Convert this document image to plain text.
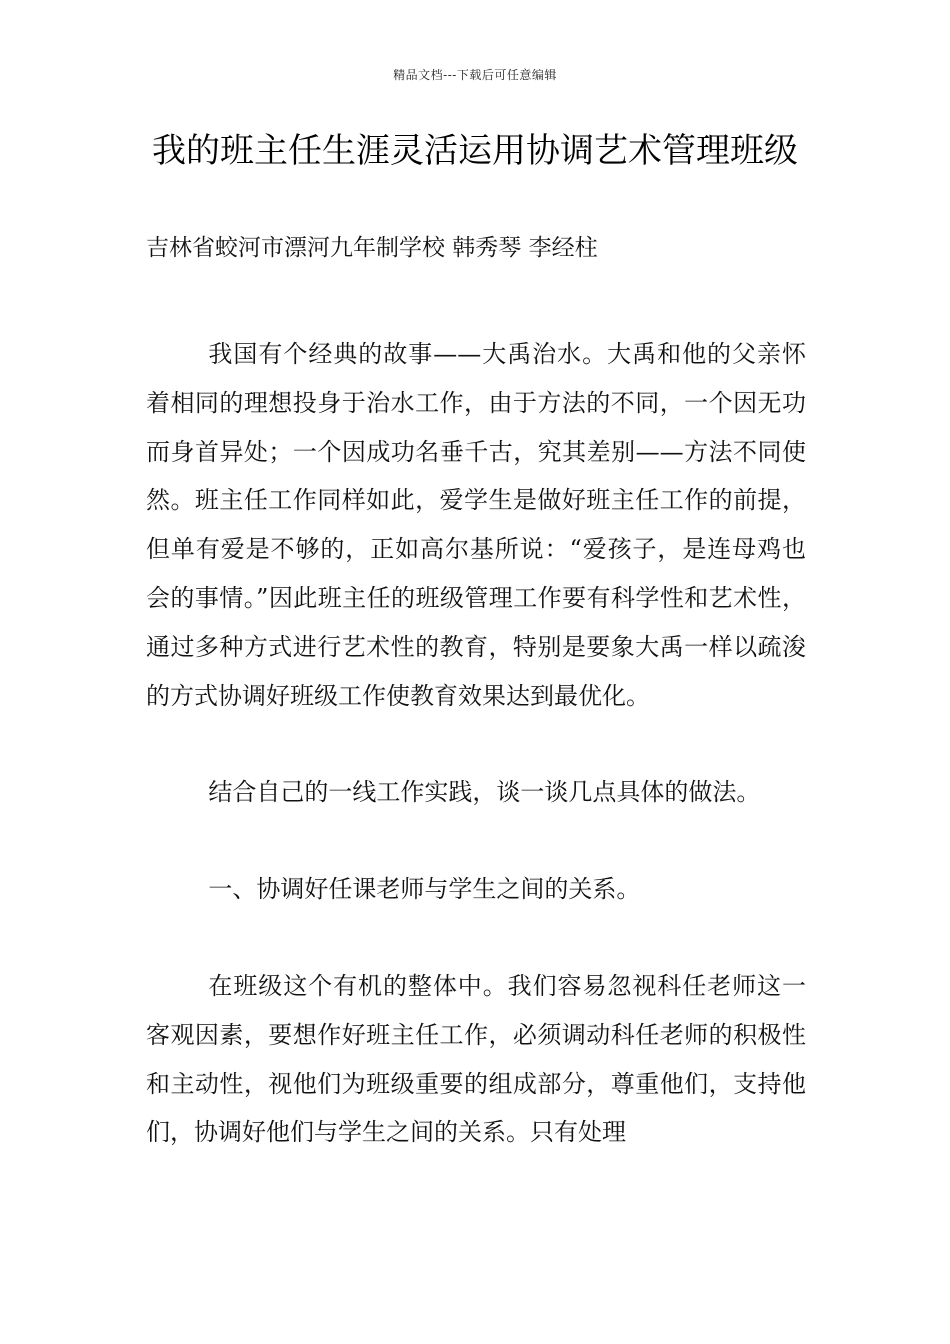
精品文档---下载后可任意编辑
我的班主任生涯灵活运用协调艺术管理班级
吉林省蛟河市漂河九年制学校 韩秀琴 李经柱

我国有个经典的故事——大禹治水。大禹和他的父亲怀着相同的理想投身于治水工作，由于方法的不同，一个因无功而身首异处；一个因成功名垂千古，究其差别——方法不同使然。班主任工作同样如此，爱学生是做好班主任工作的前提，但单有爱是不够的，正如高尔基所说：“爱孩子，是连母鸡也会的事情。”因此班主任的班级管理工作要有科学性和艺术性，通过多种方式进行艺术性的教育，特别是要象大禹一样以疏浚的方式协调好班级工作使教育效果达到最优化。

结合自己的一线工作实践，谈一谈几点具体的做法。

一、协调好任课老师与学生之间的关系。

在班级这个有机的整体中。我们容易忽视科任老师这一客观因素，要想作好班主任工作，必须调动科任老师的积极性和主动性，视他们为班级重要的组成部分，尊重他们，支持他们，协调好他们与学生之间的关系。只有处理
